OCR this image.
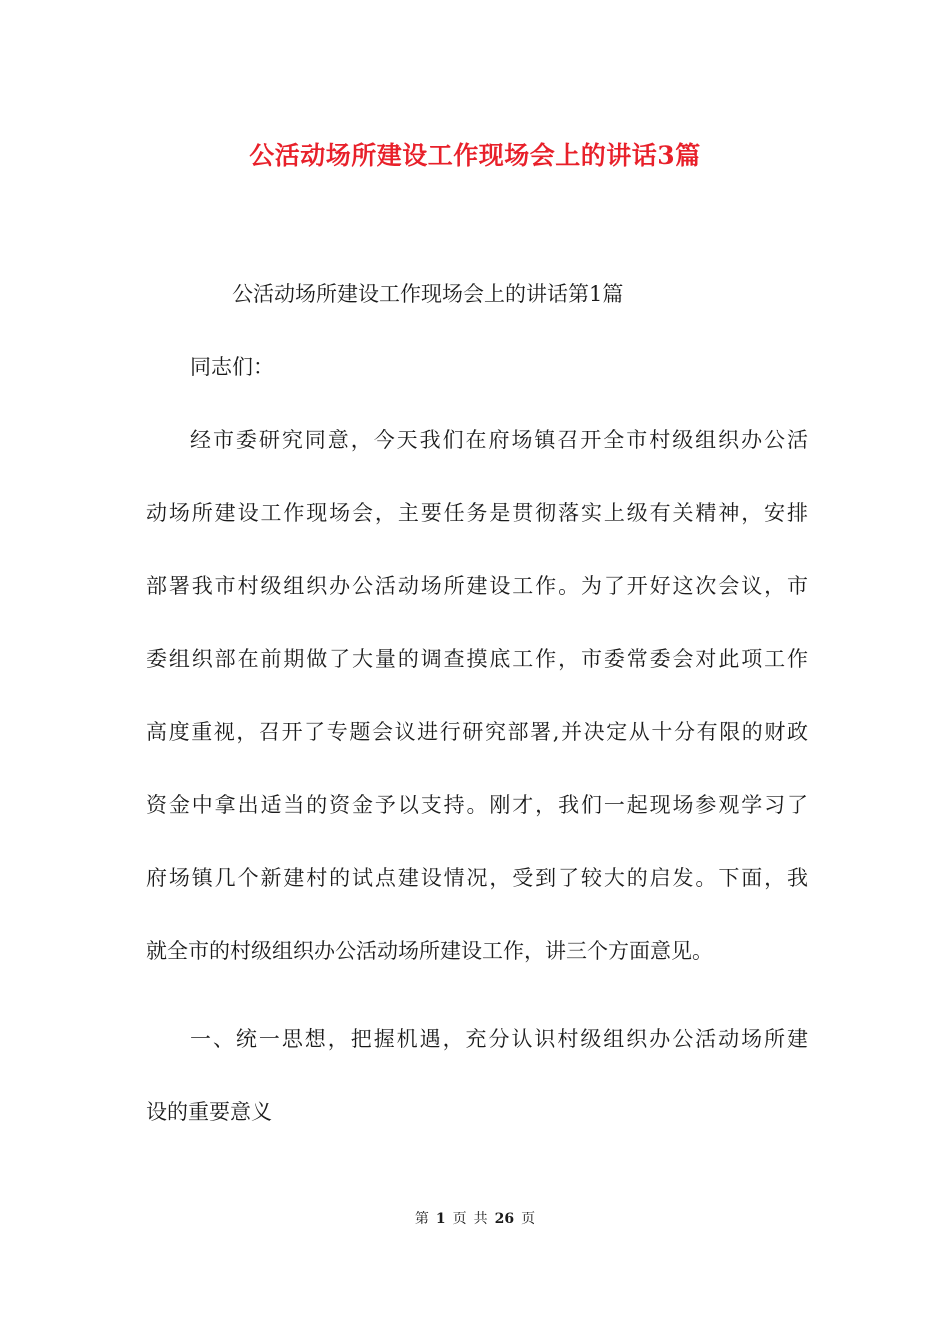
公活动场所建设工作现场会上的讲话3篇
公活动场所建设工作现场会上的讲话第1篇
同志们：
经市委研究同意，今天我们在府场镇召开全市村级组织办公活
动场所建设工作现场会，主要任务是贯彻落实上级有关精神，安排
部署我市村级组织办公活动场所建设工作。为了开好这次会议，市
委组织部在前期做了大量的调查摸底工作，市委常委会对此项工作
高度重视，召开了专题会议进行研究部署,并决定从十分有限的财政
资金中拿出适当的资金予以支持。刚才，我们一起现场参观学习了
府场镇几个新建村的试点建设情况，受到了较大的启发。下面，我
就全市的村级组织办公活动场所建设工作，讲三个方面意见。
一、统一思想，把握机遇，充分认识村级组织办公活动场所建
设的重要意义
第 1 页 共 26 页
